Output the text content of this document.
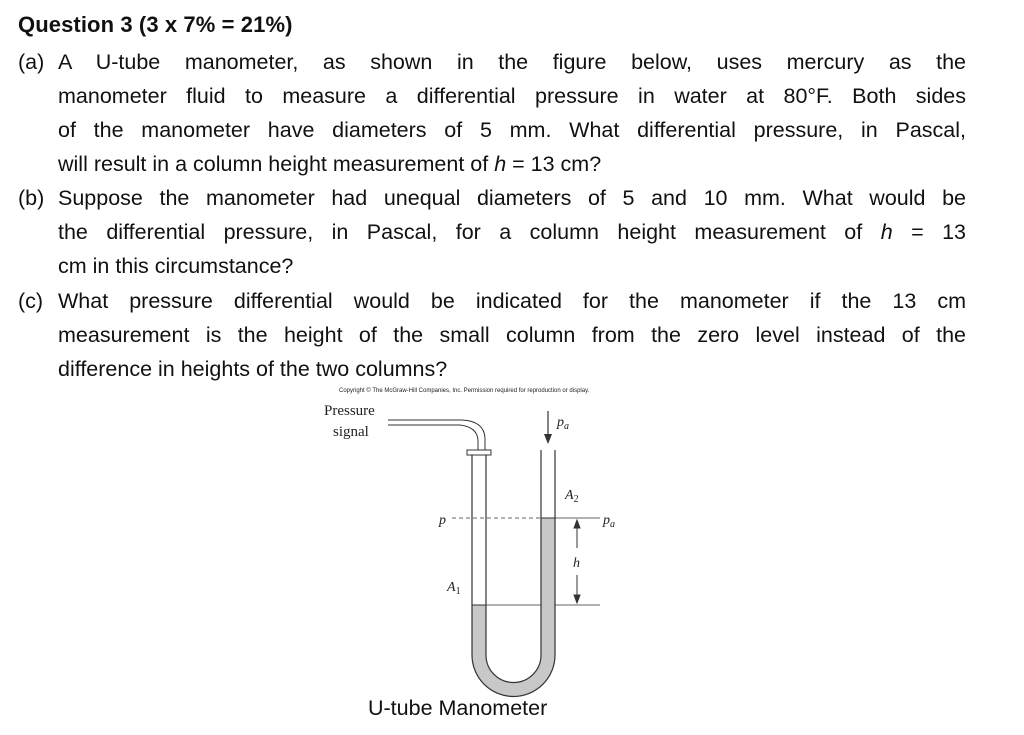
Question 3 (3 x 7% = 21%)
(a) A U-tube manometer, as shown in the figure below, uses mercury as the
manometer fluid to measure a differential pressure in water at 80°F. Both sides
of the manometer have diameters of 5 mm. What differential pressure, in Pascal,
will result in a column height measurement of h = 13 cm?
(b) Suppose the manometer had unequal diameters of 5 and 10 mm. What would be
the differential pressure, in Pascal, for a column height measurement of h = 13
cm in this circumstance?
(c) What pressure differential would be indicated for the manometer if the 13 cm
measurement is the height of the small column from the zero level instead of the
difference in heights of the two columns?
Copyright © The McGraw-Hill Companies, Inc. Permission required for reproduction or display.
Pressure
signal
p
$p_a$
$p_a$
$A_2$
$A_1$
h
U-tube Manometer
